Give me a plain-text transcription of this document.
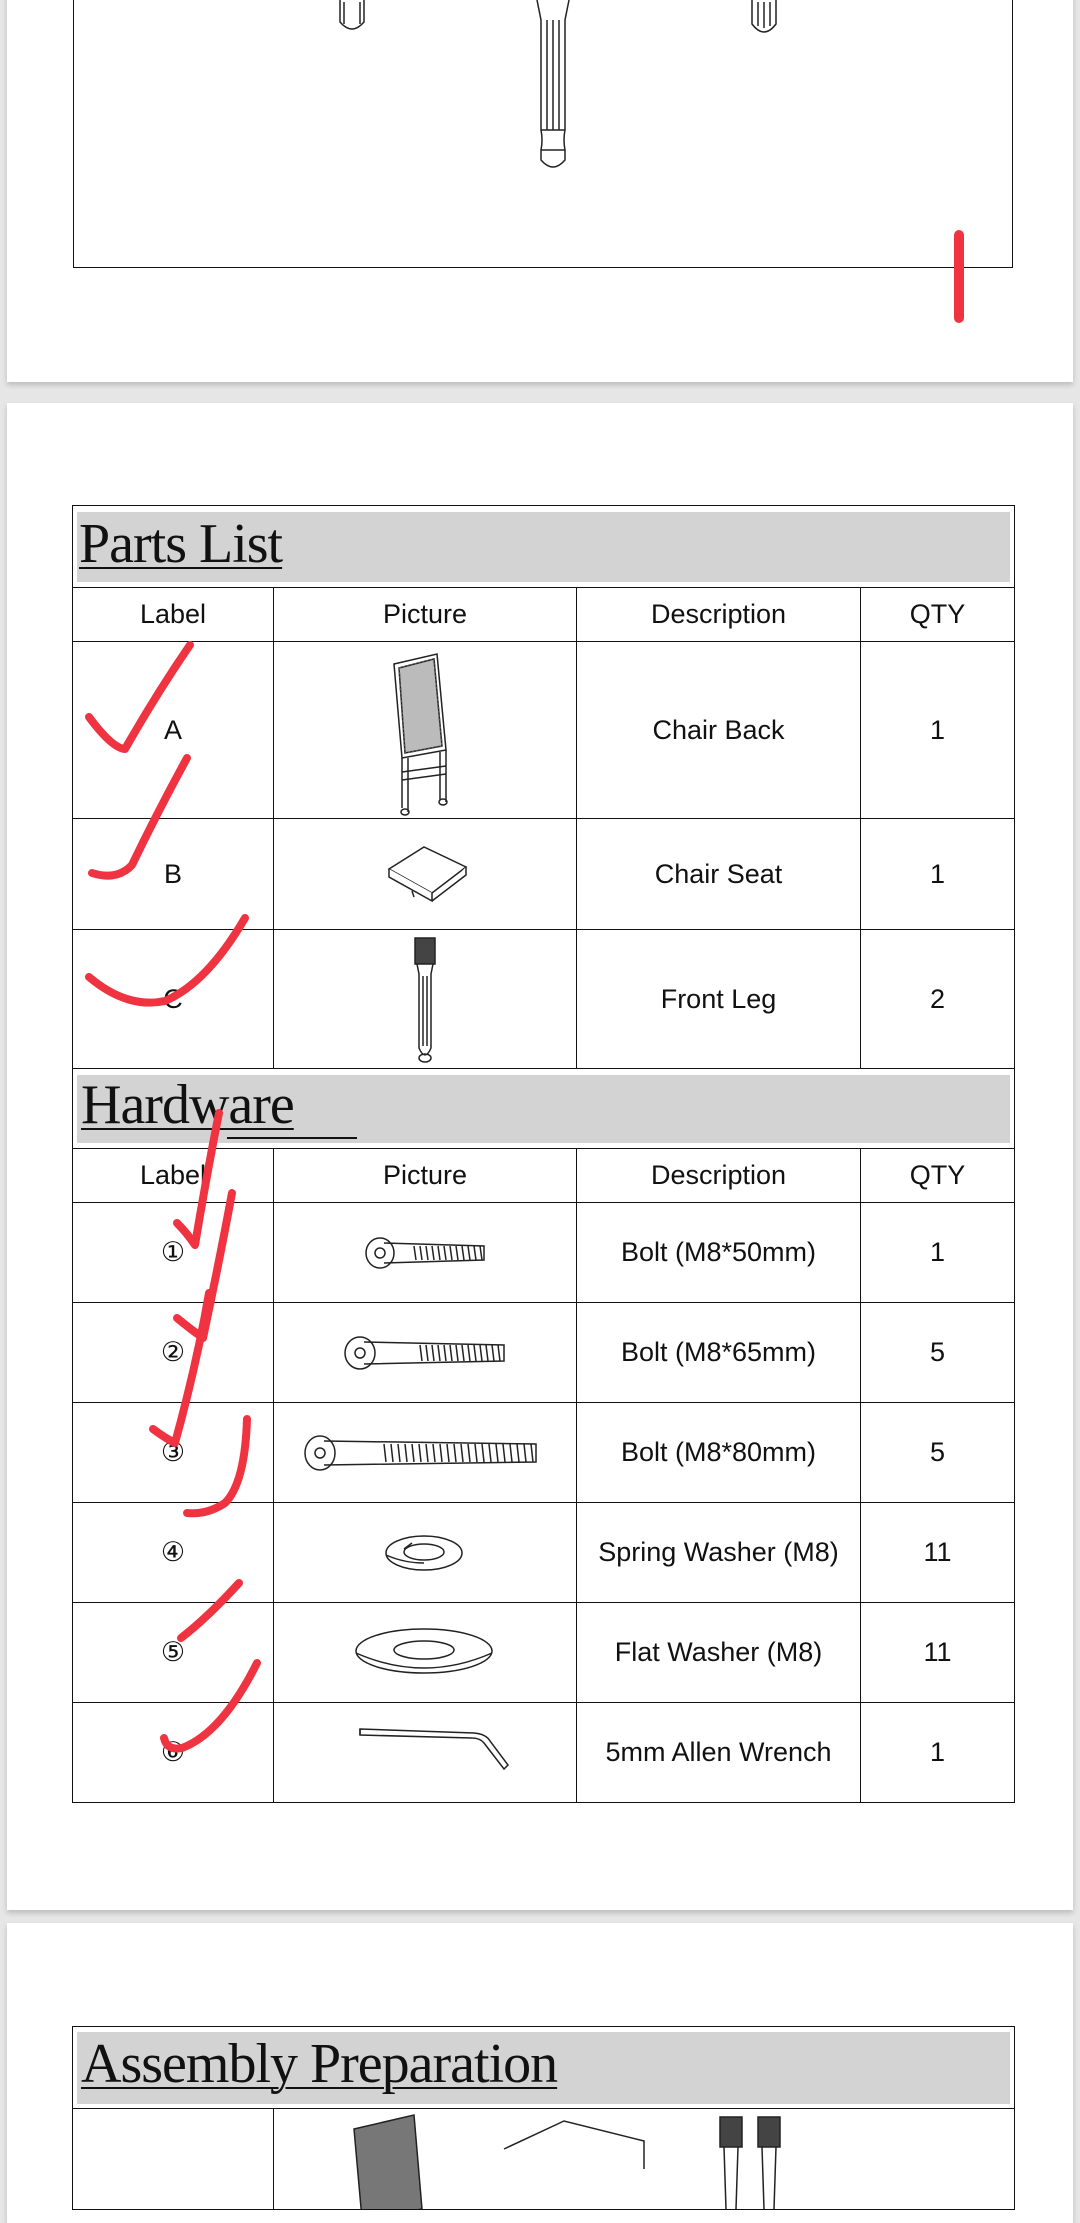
Parts List			

Label	Picture	Description	QTY
A		Chair Back	1
B		Chair Seat	1
C		Front Leg	2

Hardware			

Label	Picture	Description	QTY
①		Bolt (M8*50mm)	1
②		Bolt (M8*65mm)	5
③		Bolt (M8*80mm)	5
④		Spring Washer (M8)	11
⑤		Flat Washer (M8)	11
⑥		5mm Allen Wrench	1
Assembly Preparation
